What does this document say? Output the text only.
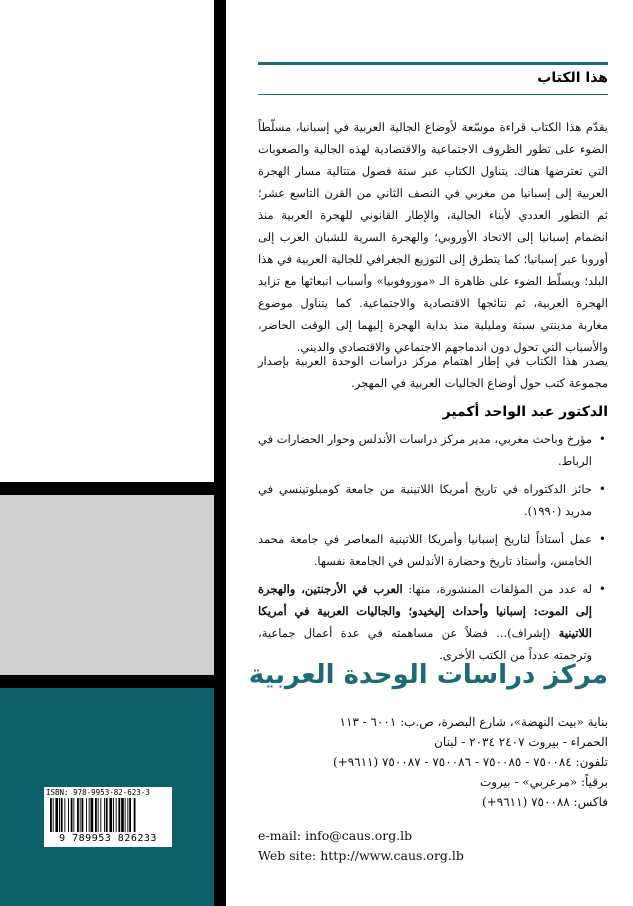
هذا الكتاب
يقدّم هذا الكتاب قراءة موسّعة لأوضاع الجالية العربية في إسبانيا، مسلّطاً الضوء على تطور الظروف الاجتماعية والاقتصادية لهذه الجالية والصعوبات التي تعترضها هناك. يتناول الكتاب عبر ستة فصول متتالية مسار الهجرة العربية إلى إسبانيا من مغربي في النصف الثاني من القرن التاسع عشر؛ ثم التطور العددي لأبناء الجالية، والإطار القانوني للهجرة العربية منذ انضمام إسبانيا إلى الاتحاد الأوروبي؛ والهجرة السرية للشبان العرب إلى أوروبا عبر إسبانيا؛ كما يتطرق إلى التوزيع الجغرافي للجالية العربية في هذا البلد؛ ويسلّط الضوء على ظاهرة الـ «موروفوبيا» وأسباب انبعاثها مع تزايد الهجرة العربية، ثم نتائجها الاقتصادية والاجتماعية. كما يتناول موضوع مغاربة مدينتي سبتة ومليلية منذ بداية الهجرة إليهما إلى الوقت الحاضر، والأسباب التي تحول دون اندماجهم الاجتماعي والاقتصادي والديني.
يصدر هذا الكتاب في إطار اهتمام مركز دراسات الوحدة العربية بإصدار مجموعة كتب حول أوضاع الجاليات العربية في المهجر.
الدكتور عبد الواحد أكمير
• مؤرخ وباحث مغربي، مدير مركز دراسات الأندلس وحوار الحضارات في الرباط.
• حائز الدكتوراه في تاريخ أمريكا اللاتينية من جامعة كومبلوتينسي في مدريد (١٩٩٠).
• عمل أستاذاً لتاريخ إسبانيا وأمريكا اللاتينية المعاصر في جامعة محمد الخامس، وأستاذ تاريخ وحضارة الأندلس في الجامعة نفسها.
• له عدد من المؤلفات المنشورة، منها: العرب في الأرجنتين، والهجرة إلى الموت: إسبانيا وأحداث إليخيدو؛ والجاليات العربية في أمريكا اللاتينية (إشراف)... فضلاً عن مساهمته في عدة أعمال جماعية، وترجمته عدداً من الكتب الأخرى.
مركز دراسات الوحدة العربية
بناية «بيت النهضة»، شارع البصرة، ص.ب: ٦٠٠١ - ١١٣
الحمراء - بيروت ٢٤٠٧ ٢٠٣٤ - لبنان
تلفون: ٧٥٠٠٨٤ - ٧٥٠٠٨٥ - ٧٥٠٠٨٦ - ٧٥٠٠٨٧ (٩٦١١+)
برقياً: «مرعربي» - بيروت
فاكس: ٧٥٠٠٨٨ (٩٦١١+)
e-mail: info@caus.org.lb
Web site: http://www.caus.org.lb
ISBN: 978-9953-82-623-3
9 789953 826233
